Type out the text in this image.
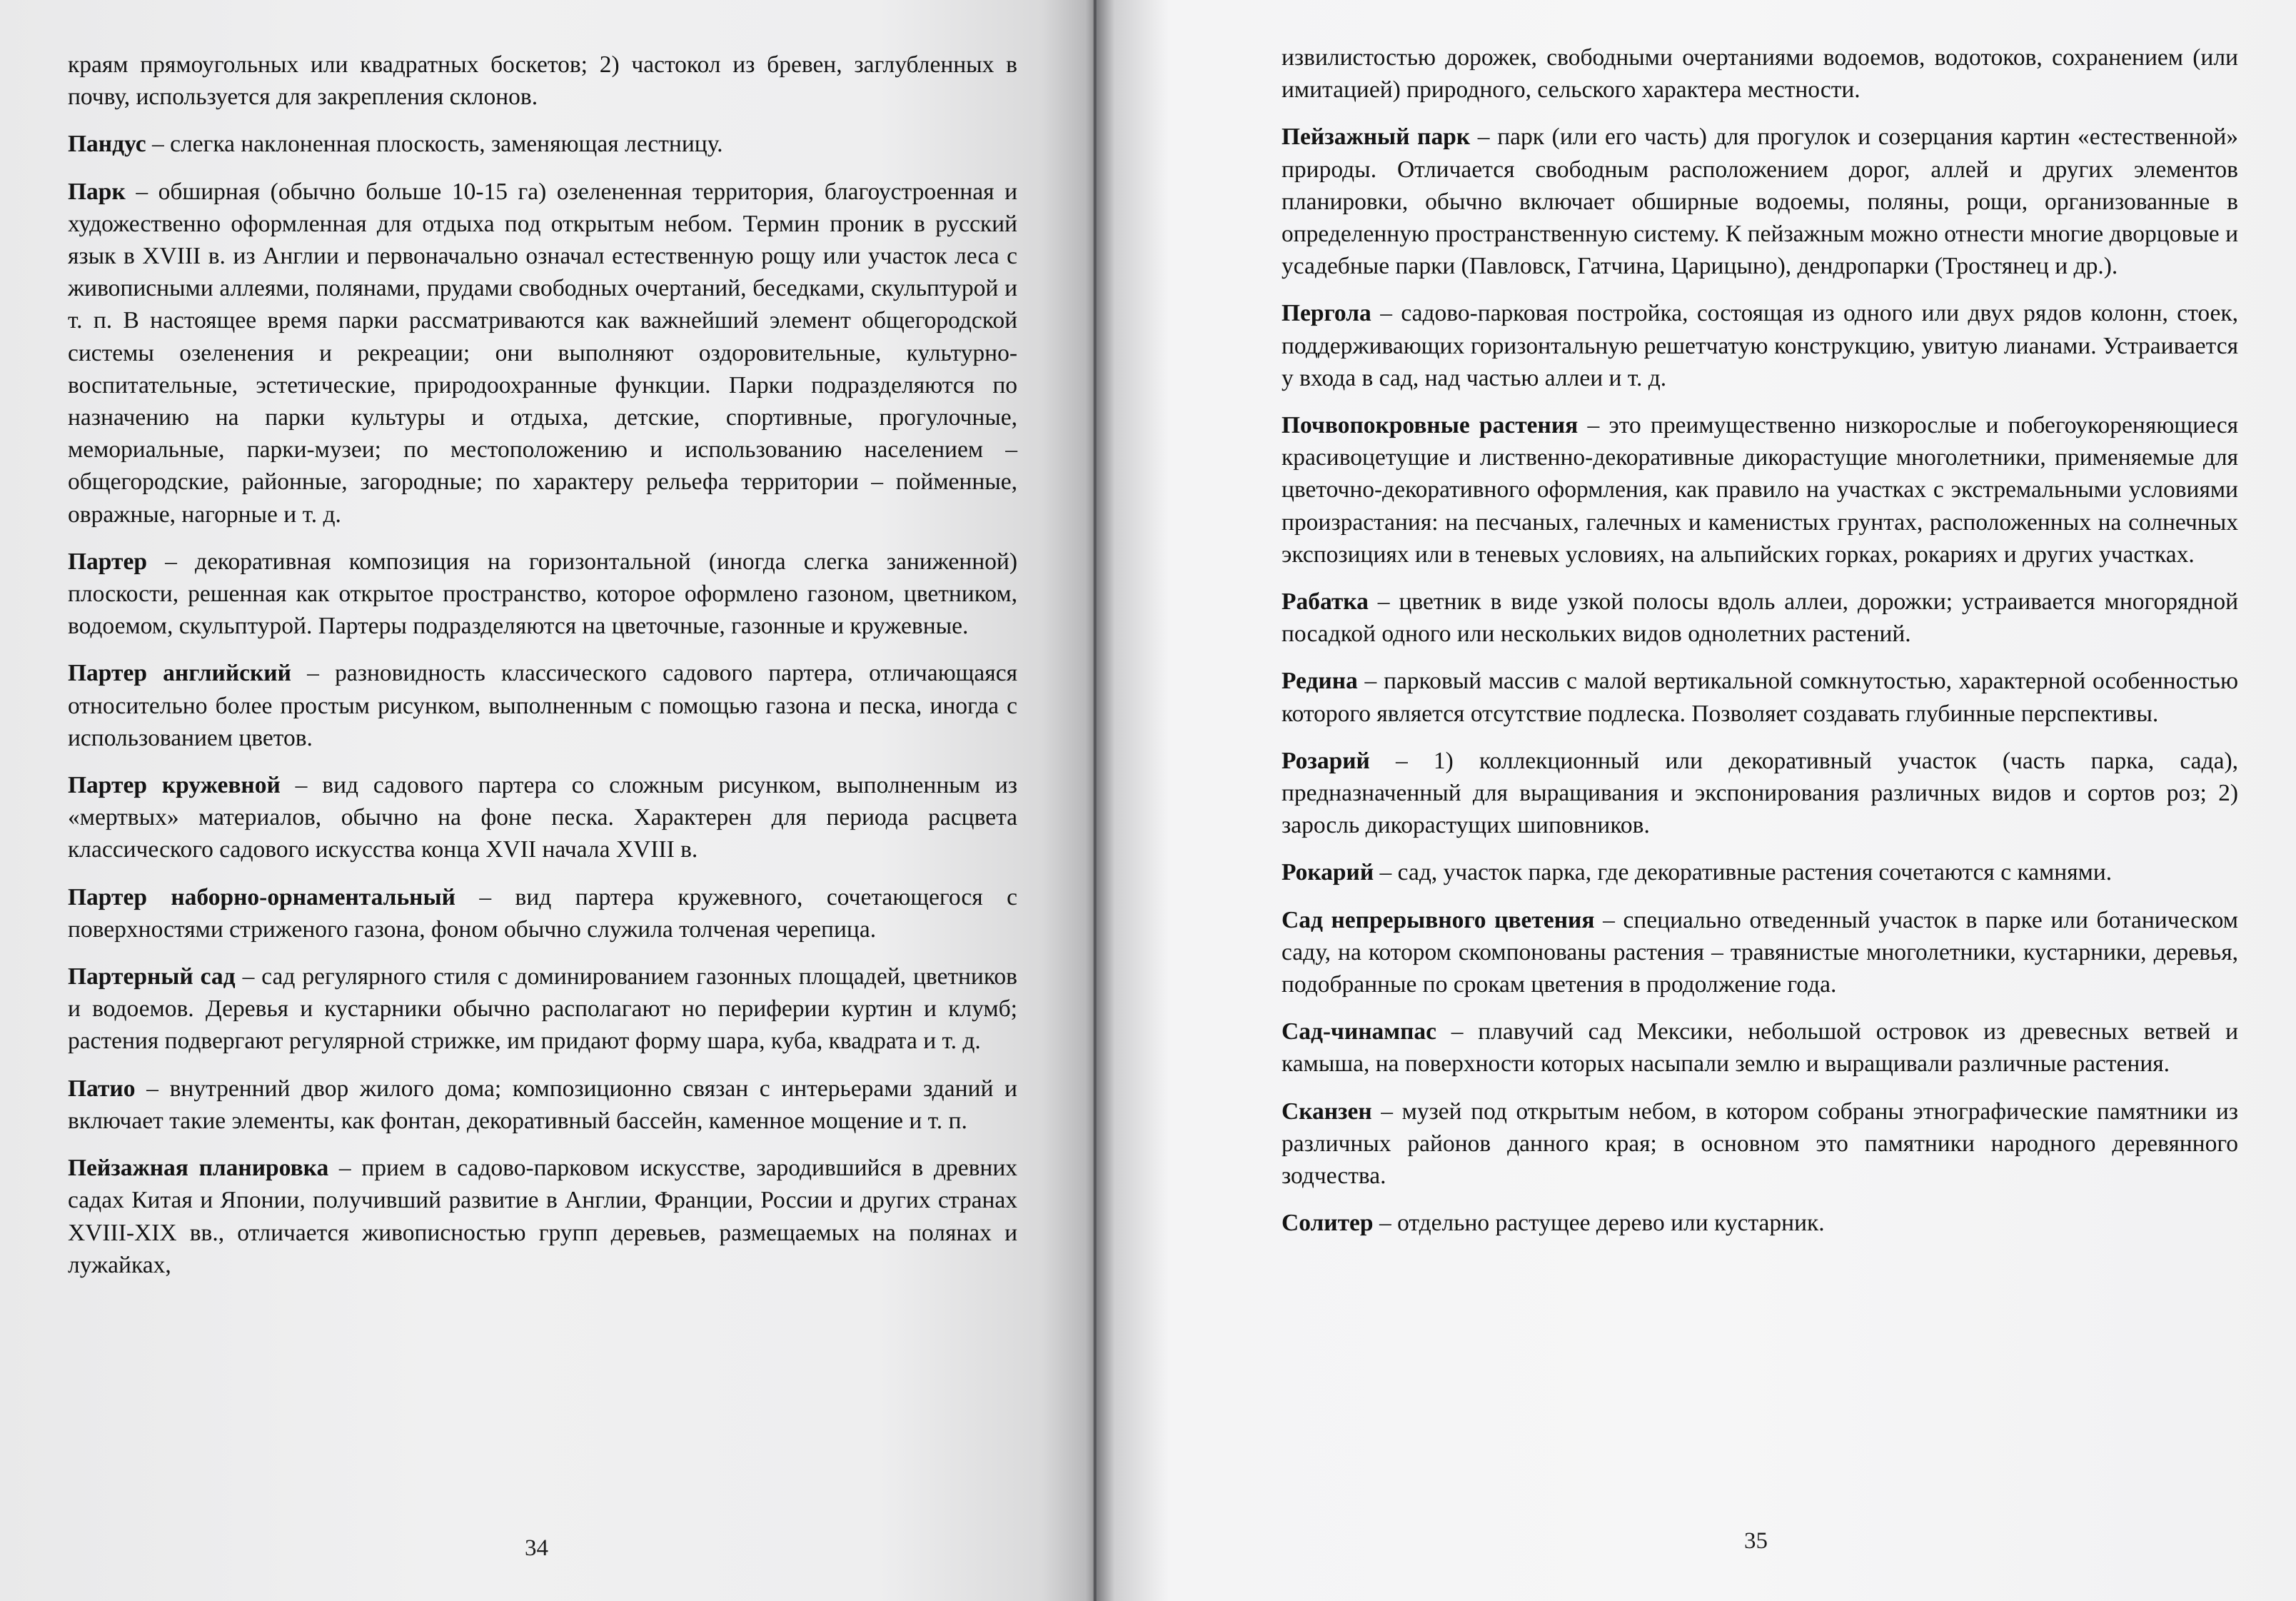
краям прямоугольных или квадратных боскетов; 2) частокол из бревен, заглубленных в почву, используется для закрепления склонов.

Пандус – слегка наклоненная плоскость, заменяющая лестницу.

Парк – обширная (обычно больше 10-15 га) озелененная территория, благоустроенная и художественно оформленная для отдыха под открытым небом. Термин проник в русский язык в XVIII в. из Англии и первоначально означал естественную рощу или участок леса с живописными аллеями, полянами, прудами свободных очертаний, беседками, скульптурой и т. п. В настоящее время парки рассматриваются как важнейший элемент общегородской системы озеленения и рекреации; они выполняют оздоровительные, культурно-воспитательные, эстетические, природоохранные функции. Парки подразделяются по назначению на парки культуры и отдыха, детские, спортивные, прогулочные, мемориальные, парки-музеи; по местоположению и использованию населением – общегородские, районные, загородные; по характеру рельефа территории – пойменные, овражные, нагорные и т. д.

Партер – декоративная композиция на горизонтальной (иногда слегка заниженной) плоскости, решенная как открытое пространство, которое оформлено газоном, цветником, водоемом, скульптурой. Партеры подразделяются на цветочные, газонные и кружевные.

Партер английский – разновидность классического садового партера, отличающаяся относительно более простым рисунком, выполненным с помощью газона и песка, иногда с использованием цветов.

Партер кружевной – вид садового партера со сложным рисунком, выполненным из «мертвых» материалов, обычно на фоне песка. Характерен для периода расцвета классического садового искусства конца XVII начала XVIII в.

Партер наборно-орнаментальный – вид партера кружевного, сочетающегося с поверхностями стриженого газона, фоном обычно служила толченая черепица.

Партерный сад – сад регулярного стиля с доминированием газонных площадей, цветников и водоемов. Деревья и кустарники обычно располагают но периферии куртин и клумб; растения подвергают регулярной стрижке, им придают форму шара, куба, квадрата и т. д.

Патио – внутренний двор жилого дома; композиционно связан с интерьерами зданий и включает такие элементы, как фонтан, декоративный бассейн, каменное мощение и т. п.

Пейзажная планировка – прием в садово-парковом искусстве, зародившийся в древних садах Китая и Японии, получивший развитие в Англии, Франции, России и других странах XVIII-XIX вв., отличается живописностью групп деревьев, размещаемых на полянах и лужайках,

34

извилистостью дорожек, свободными очертаниями водоемов, водотоков, сохранением (или имитацией) природного, сельского характера местности.

Пейзажный парк – парк (или его часть) для прогулок и созерцания картин «естественной» природы. Отличается свободным расположением дорог, аллей и других элементов планировки, обычно включает обширные водоемы, поляны, рощи, организованные в определенную пространственную систему. К пейзажным можно отнести многие дворцовые и усадебные парки (Павловск, Гатчина, Царицыно), дендропарки (Тростянец и др.).

Пергола – садово-парковая постройка, состоящая из одного или двух рядов колонн, стоек, поддерживающих горизонтальную решетчатую конструкцию, увитую лианами. Устраивается у входа в сад, над частью аллеи и т. д.

Почвопокровные растения – это преимущественно низкорослые и побегоукореняющиеся красивоцетущие и лиственно-декоративные дикорастущие многолетники, применяемые для цветочно-декоративного оформления, как правило на участках с экстремальными условиями произрастания: на песчаных, галечных и каменистых грунтах, расположенных на солнечных экспозициях или в теневых условиях, на альпийских горках, рокариях и других участках.

Рабатка – цветник в виде узкой полосы вдоль аллеи, дорожки; устраивается многорядной посадкой одного или нескольких видов однолетних растений.

Редина – парковый массив с малой вертикальной сомкнутостью, характерной особенностью которого является отсутствие подлеска. Позволяет создавать глубинные перспективы.

Розарий – 1) коллекционный или декоративный участок (часть парка, сада), предназначенный для выращивания и экспонирования различных видов и сортов роз; 2) заросль дикорастущих шиповников.

Рокарий – сад, участок парка, где декоративные растения сочетаются с камнями.

Сад непрерывного цветения – специально отведенный участок в парке или ботаническом саду, на котором скомпонованы растения – травянистые многолетники, кустарники, деревья, подобранные по срокам цветения в продолжение года.

Сад-чинампас – плавучий сад Мексики, небольшой островок из древесных ветвей и камыша, на поверхности которых насыпали землю и выращивали различные растения.

Сканзен – музей под открытым небом, в котором собраны этнографические памятники из различных районов данного края; в основном это памятники народного деревянного зодчества.

Солитер – отдельно растущее дерево или кустарник.

35
